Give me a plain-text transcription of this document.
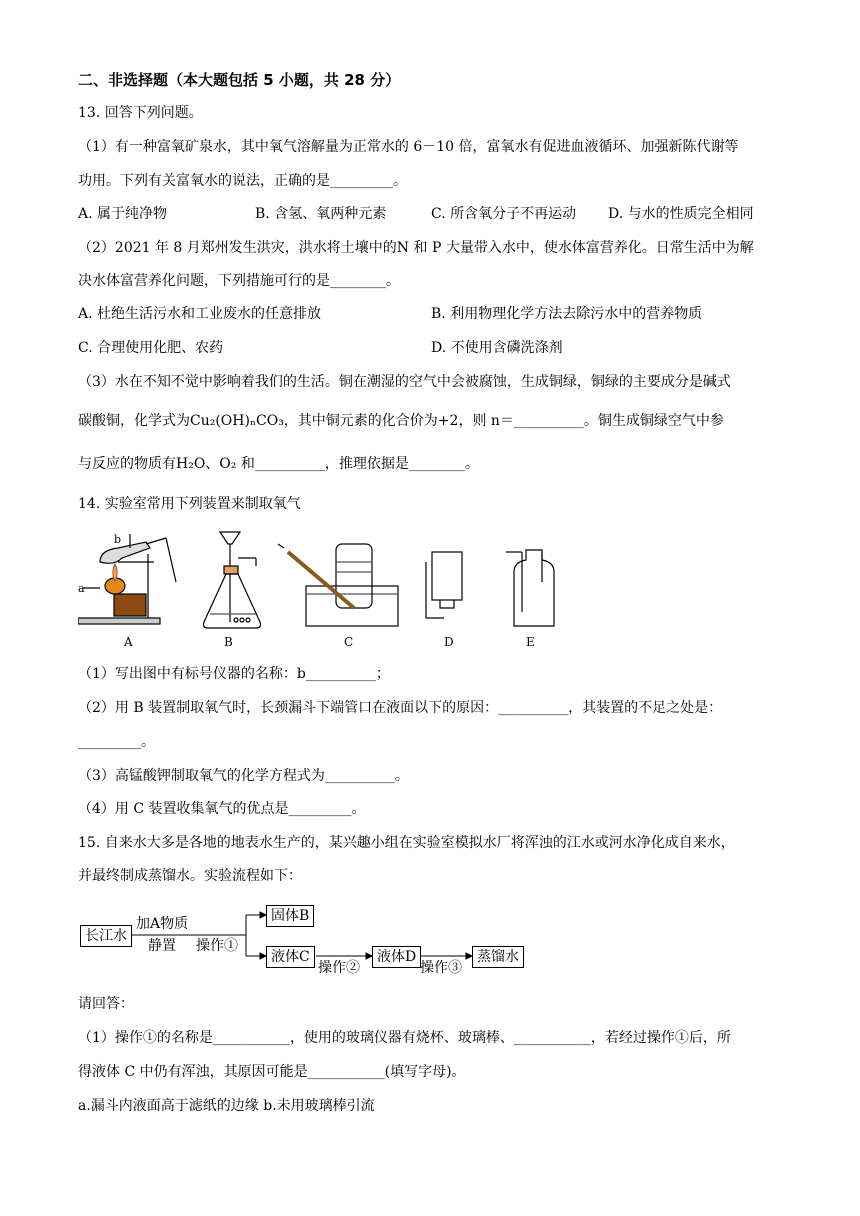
二、非选择题（本大题包括 5 小题，共 28 分）
13. 回答下列问题。
（1）有一种富氧矿泉水，其中氧气溶解量为正常水的 6－10 倍，富氧水有促进血液循环、加强新陈代谢等
功用。下列有关富氧水的说法，正确的是_________。
A. 属于纯净物	B. 含氢、氧两种元素	C. 所含氧分子不再运动 D. 与水的性质完全相同
（2）2021 年 8 月郑州发生洪灾，洪水将土壤中的N 和 P 大量带入水中，使水体富营养化。日常生活中为解
决水体富营养化问题，下列措施可行的是________。
A. 杜绝生活污水和工业废水的任意排放	B. 利用物理化学方法去除污水中的营养物质
C. 合理使用化肥、农药	D. 不使用含磷洗涤剂
（3）水在不知不觉中影响着我们的生活。铜在潮湿的空气中会被腐蚀，生成铜绿，铜绿的主要成分是碱式
碳酸铜，化学式为Cu₂(OH)ₙCO₃，其中铜元素的化合价为+2，则 n＝__________。铜生成铜绿空气中参
与反应的物质有H₂O、O₂ 和__________，推理依据是________。
14. 实验室常用下列装置来制取氧气
b
a
A	B	C	D	E
（1）写出图中有标号仪器的名称：b__________；
（2）用 B 装置制取氧气时，长颈漏斗下端管口在液面以下的原因：__________，其装置的不足之处是：
_________。
（3）高锰酸钾制取氧气的化学方程式为__________。
（4）用 C 装置收集氧气的优点是_________。
15. 自来水大多是各地的地表水生产的，某兴趣小组在实验室模拟水厂将浑浊的江水或河水净化成自来水，
并最终制成蒸馏水。实验流程如下：
长江水
加A物质
静置 操作①
固体B
液体C
操作②
液体D
操作③
蒸馏水
请回答：
（1）操作①的名称是___________，使用的玻璃仪器有烧杯、玻璃棒、___________，若经过操作①后，所
得液体 C 中仍有浑浊，其原因可能是___________(填写字母)。
a.漏斗内液面高于滤纸的边缘 b.未用玻璃棒引流
